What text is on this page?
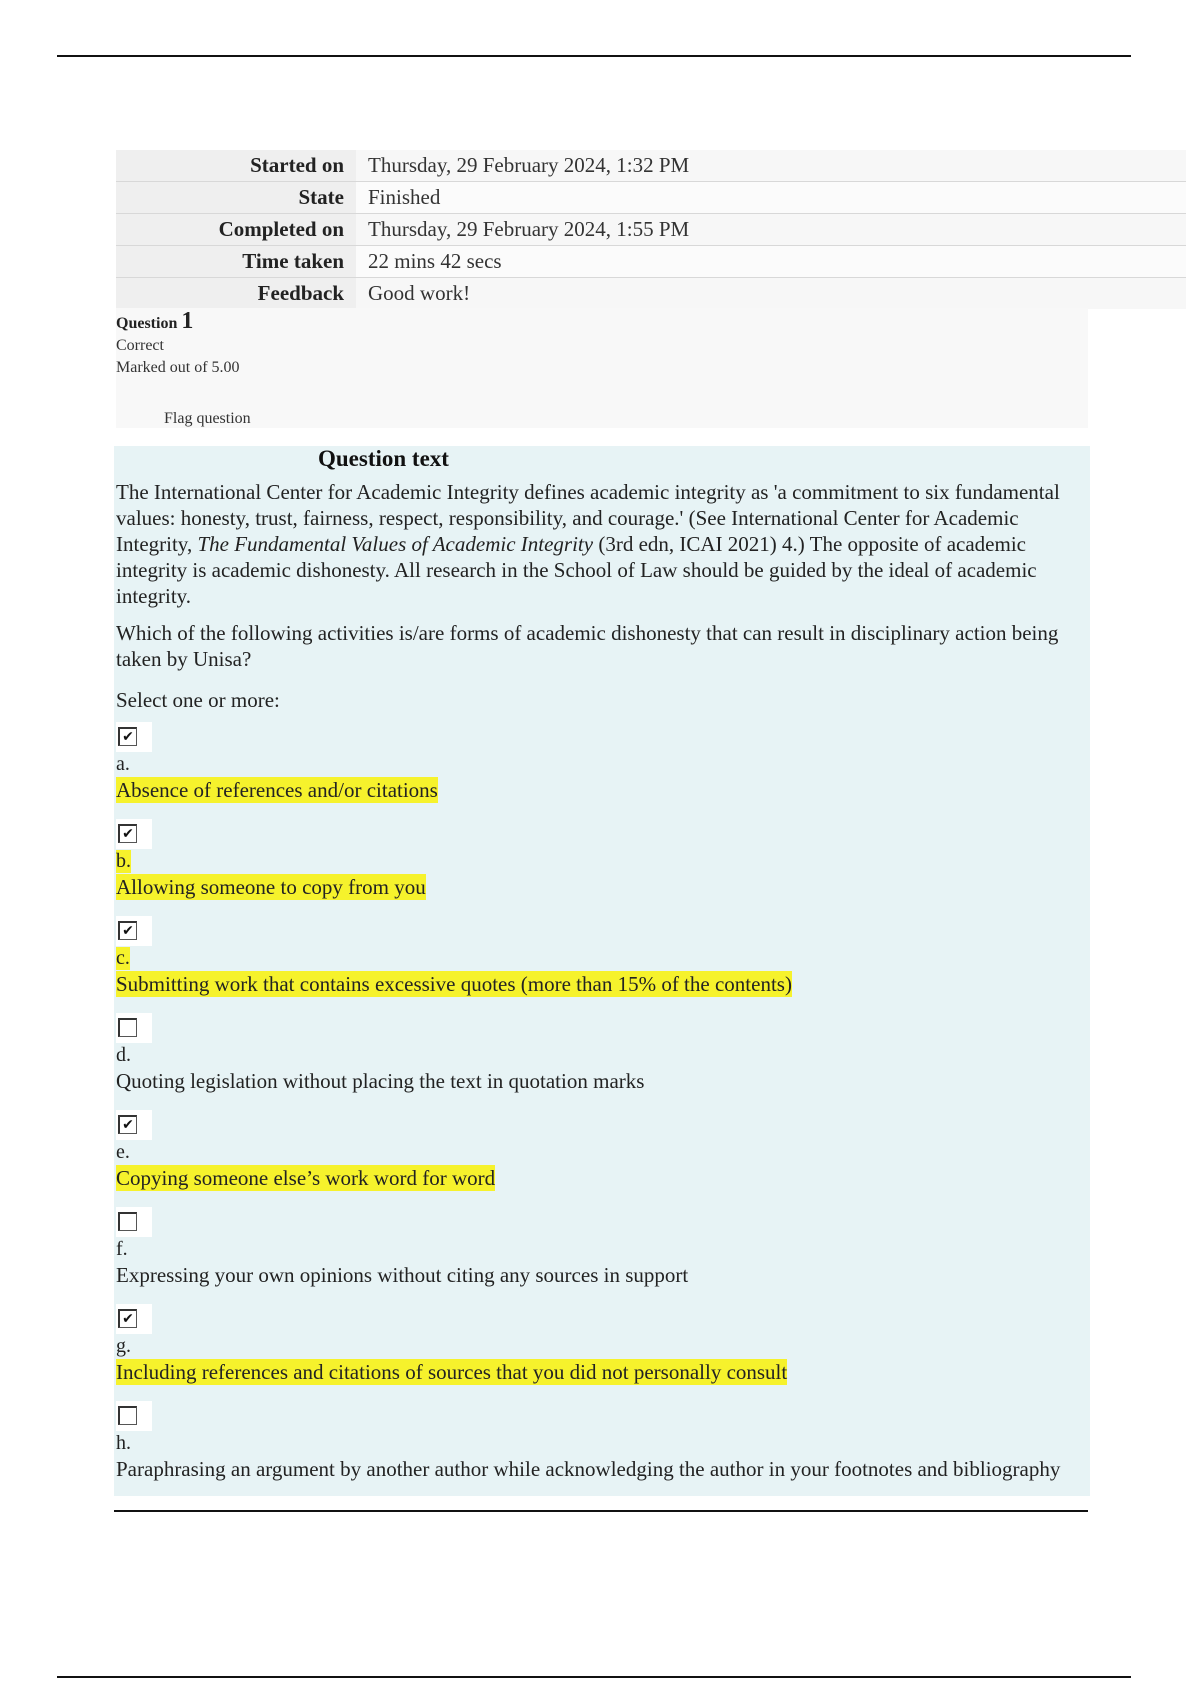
Started on	Thursday, 29 February 2024, 1:32 PM
State	Finished
Completed on	Thursday, 29 February 2024, 1:55 PM
Time taken	22 mins 42 secs
Feedback	Good work!
Question 1
Correct
Marked out of 5.00
Flag question
Question text

The International Center for Academic Integrity defines academic integrity as 'a commitment to six fundamental values: honesty, trust, fairness, respect, responsibility, and courage.' (See International Center for Academic Integrity, The Fundamental Values of Academic Integrity (3rd edn, ICAI 2021) 4.) The opposite of academic integrity is academic dishonesty. All research in the School of Law should be guided by the ideal of academic integrity.

Which of the following activities is/are forms of academic dishonesty that can result in disciplinary action being taken by Unisa?

Select one or more:
✔
a.
Absence of references and/or citations
✔
b.
Allowing someone to copy from you
✔
c.
Submitting work that contains excessive quotes (more than 15% of the contents)
d.
Quoting legislation without placing the text in quotation marks
✔
e.
Copying someone else’s work word for word
f.
Expressing your own opinions without citing any sources in support
✔
g.
Including references and citations of sources that you did not personally consult
h.
Paraphrasing an argument by another author while acknowledging the author in your footnotes and bibliography
